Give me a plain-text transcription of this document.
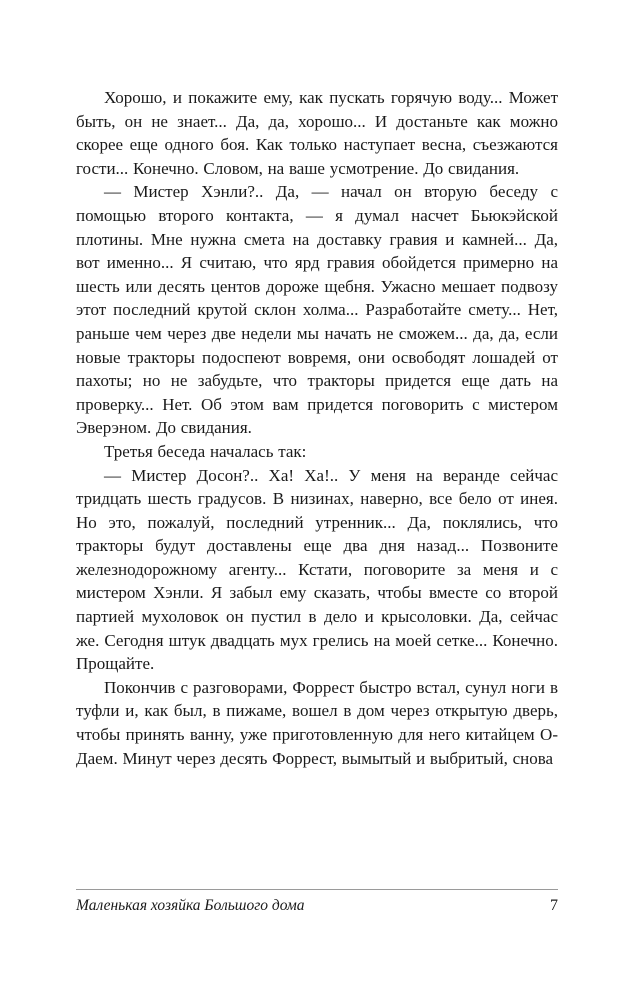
Хорошо, и покажите ему, как пускать горячую воду... Может быть, он не знает... Да, да, хорошо... И достаньте как можно скорее еще одного боя. Как только наступает весна, съезжаются гости... Конечно. Словом, на ваше усмотрение. До свидания.

— Мистер Хэнли?.. Да, — начал он вторую беседу с помощью второго контакта, — я думал насчет Бьюкэйской плотины. Мне нужна смета на доставку гравия и камней... Да, вот именно... Я считаю, что ярд гравия обойдется примерно на шесть или десять центов дороже щебня. Ужасно мешает подвозу этот последний крутой склон холма... Разработайте смету... Нет, раньше чем через две недели мы начать не сможем... да, да, если новые тракторы подоспеют вовремя, они освободят лошадей от пахоты; но не забудьте, что тракторы придется еще дать на проверку... Нет. Об этом вам придется поговорить с мистером Эверэном. До свидания.

Третья беседа началась так:

— Мистер Досон?.. Ха! Ха!.. У меня на веранде сейчас тридцать шесть градусов. В низинах, наверно, все бело от инея. Но это, пожалуй, последний утренник... Да, поклялись, что тракторы будут доставлены еще два дня назад... Позвоните железнодорожному агенту... Кстати, поговорите за меня и с мистером Хэнли. Я забыл ему сказать, чтобы вместе со второй партией мухоловок он пустил в дело и крысоловки. Да, сейчас же. Сегодня штук двадцать мух грелись на моей сетке... Конечно. Прощайте.

Покончив с разговорами, Форрест быстро встал, сунул ноги в туфли и, как был, в пижаме, вошел в дом через открытую дверь, чтобы принять ванну, уже приготовленную для него китайцем О-Даем. Минут через десять Форрест, вымытый и выбритый, снова

Маленькая хозяйка Большого дома	7
